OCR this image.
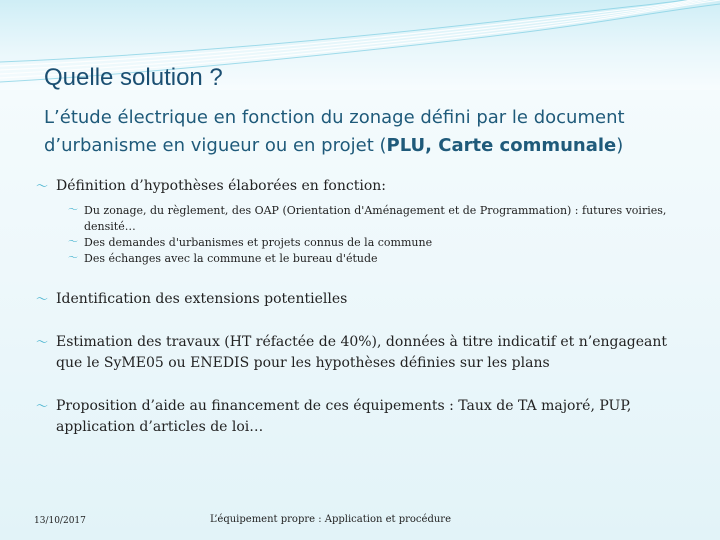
Quelle solution ?
L’étude électrique en fonction du zonage défini par le document d’urbanisme en vigueur ou en projet (PLU, Carte communale)
〜 Définition d’hypothèses élaborées en fonction:
〜 Du zonage, du règlement, des OAP (Orientation d'Aménagement et de Programmation) : futures voiries, densité…
〜 Des demandes d'urbanismes et projets connus de la commune
〜 Des échanges avec la commune et le bureau d'étude
〜 Identification des extensions potentielles
〜 Estimation des travaux (HT réfactée de 40%), données à titre indicatif et n’engageant que le SyME05 ou ENEDIS pour les hypothèses définies sur les plans
〜 Proposition d’aide au financement de ces équipements : Taux de TA majoré, PUP, application d’articles de loi…
13/10/2017	L’équipement propre : Application et procédure
